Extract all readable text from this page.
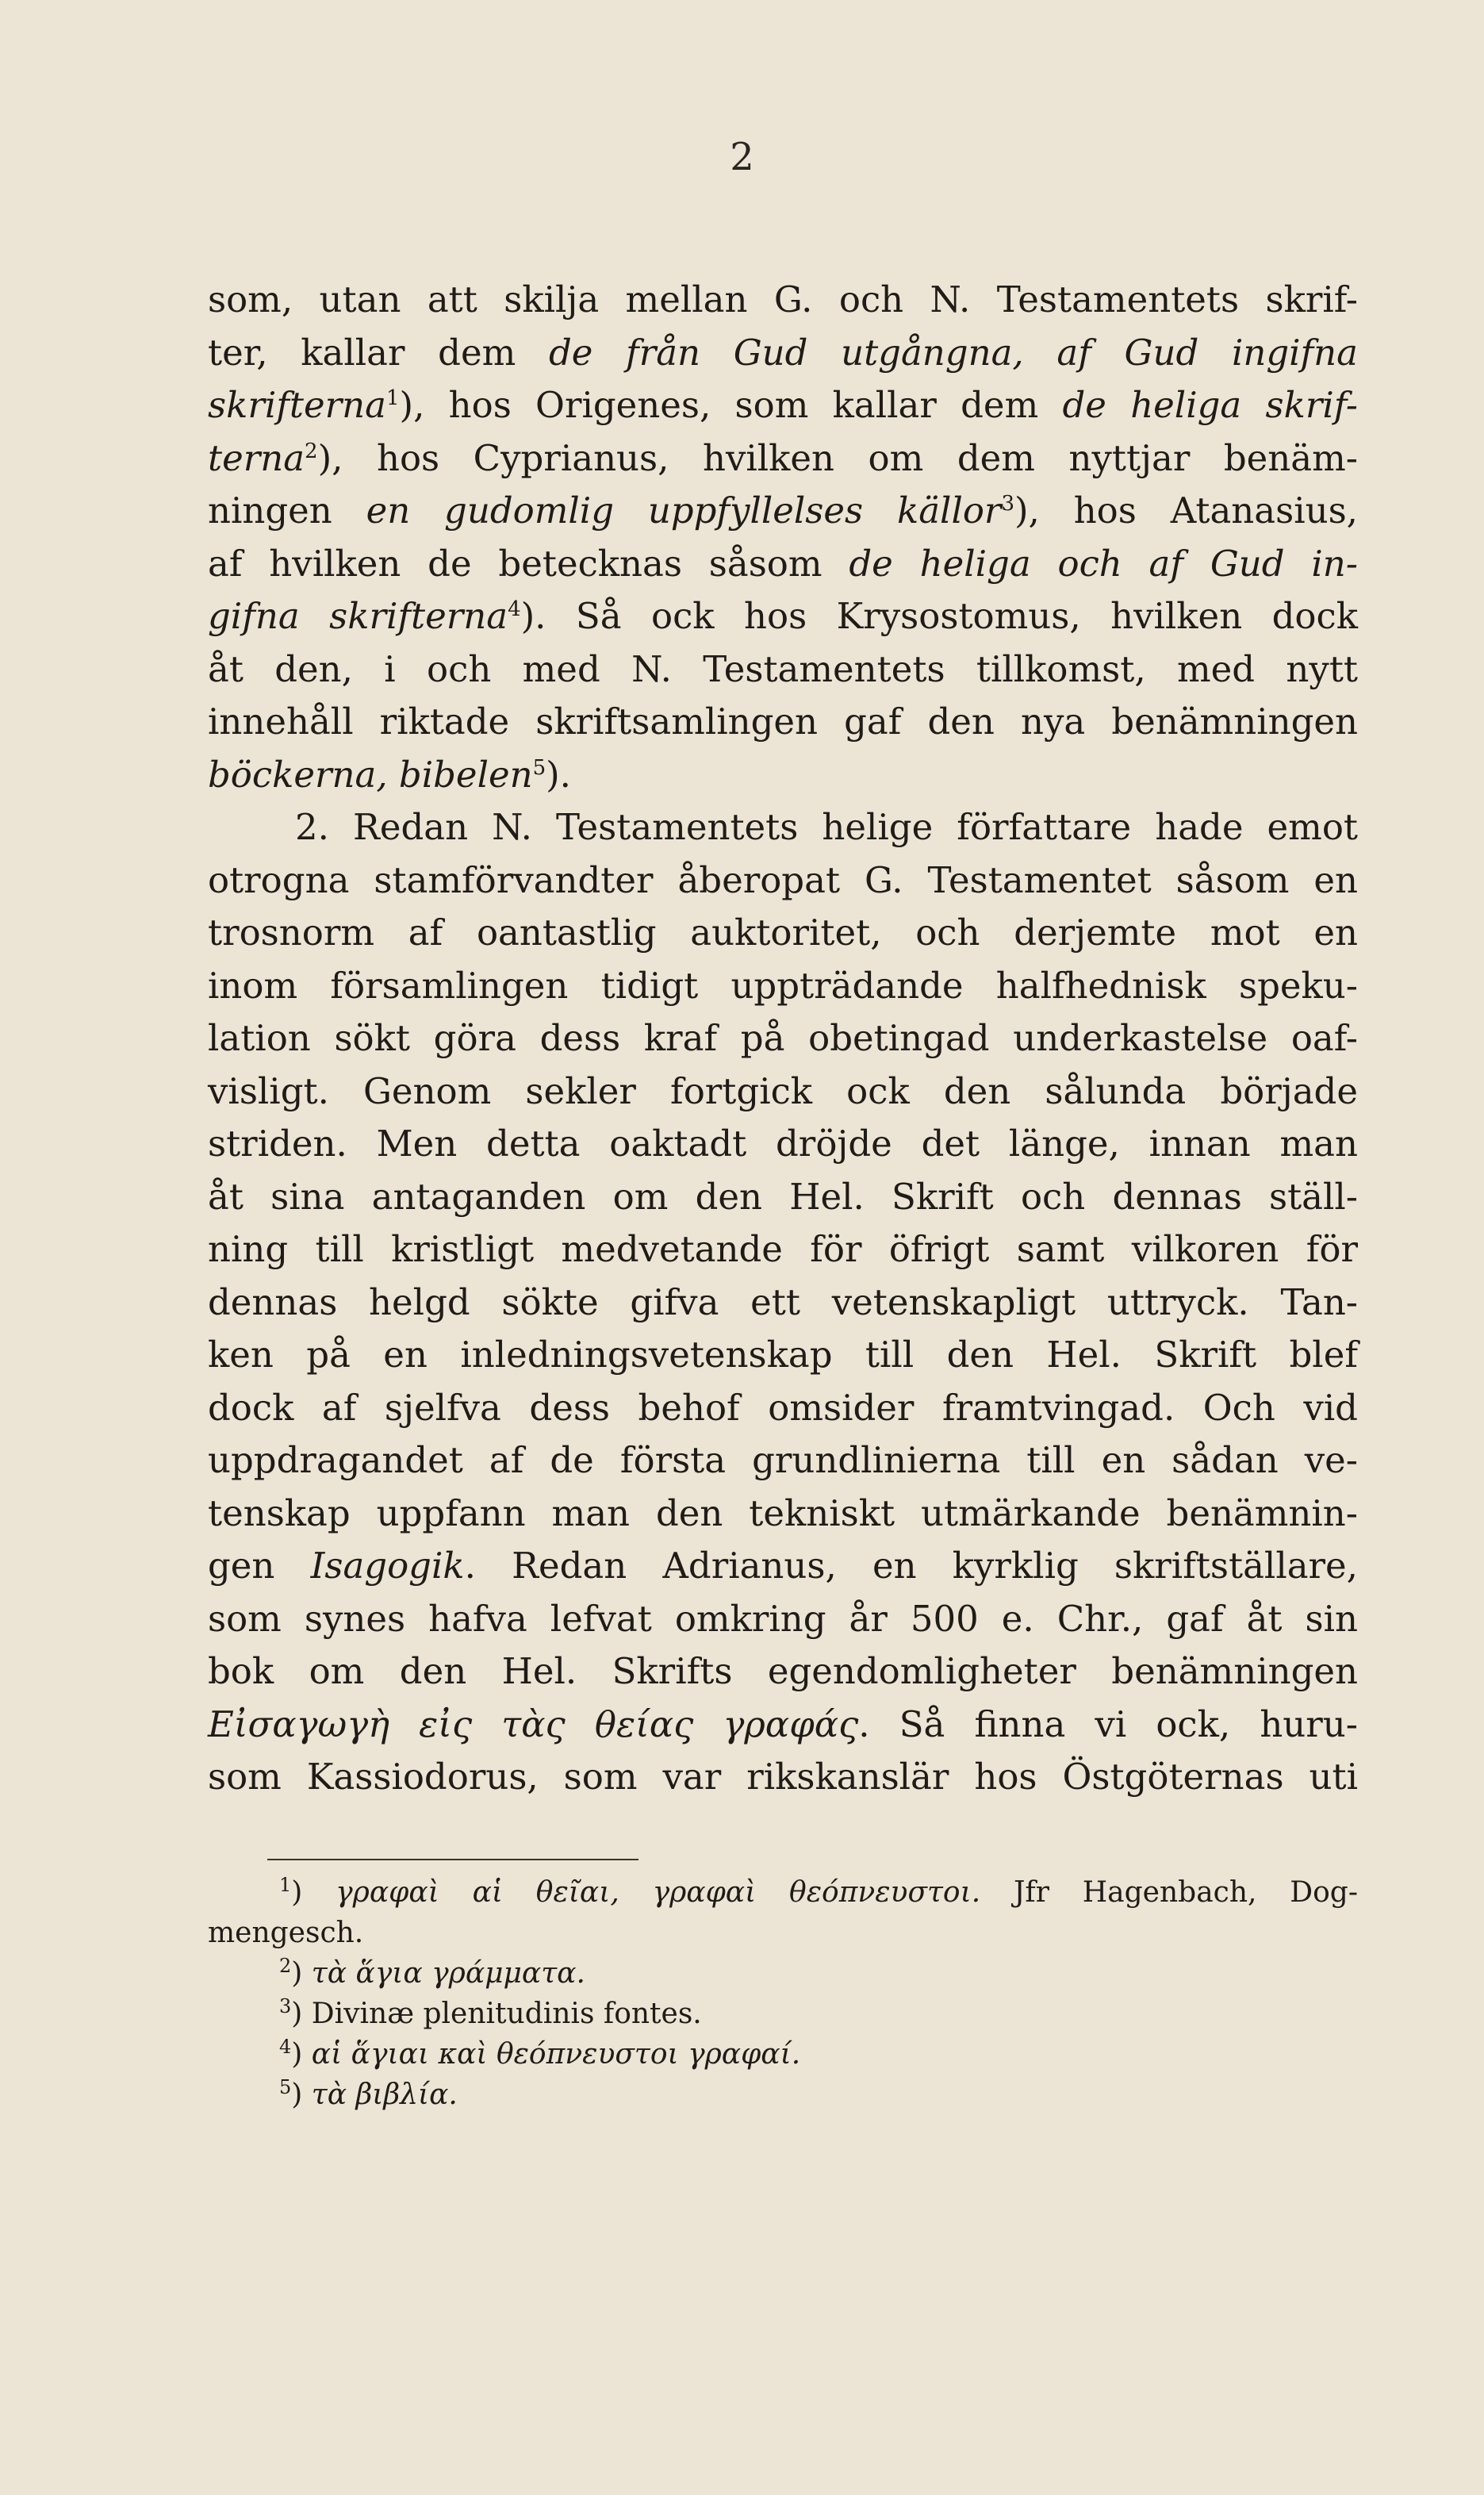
2
som, utan att skilja mellan G. och N. Testamentets skrif-
ter, kallar dem de från Gud utgångna, af Gud ingifna
skrifterna$^1$), hos Origenes, som kallar dem de heliga skrif-
terna$^2$), hos Cyprianus, hvilken om dem nyttjar benäm-
ningen en gudomlig uppfyllelses källor$^3$), hos Atanasius,
af hvilken de betecknas såsom de heliga och af Gud in-
gifna skrifterna$^4$). Så ock hos Krysostomus, hvilken dock
åt den, i och med N. Testamentets tillkomst, med nytt
innehåll riktade skriftsamlingen gaf den nya benämningen
böckerna, bibelen$^5$).
2. Redan N. Testamentets helige författare hade emot
otrogna stamförvandter åberopat G. Testamentet såsom en
trosnorm af oantastlig auktoritet, och derjemte mot en
inom församlingen tidigt uppträdande halfhednisk speku-
lation sökt göra dess kraf på obetingad underkastelse oaf-
visligt. Genom sekler fortgick ock den sålunda började
striden. Men detta oaktadt dröjde det länge, innan man
åt sina antaganden om den Hel. Skrift och dennas ställ-
ning till kristligt medvetande för öfrigt samt vilkoren för
dennas helgd sökte gifva ett vetenskapligt uttryck. Tan-
ken på en inledningsvetenskap till den Hel. Skrift blef
dock af sjelfva dess behof omsider framtvingad. Och vid
uppdragandet af de första grundlinierna till en sådan ve-
tenskap uppfann man den tekniskt utmärkande benämnin-
gen Isagogik. Redan Adrianus, en kyrklig skriftställare,
som synes hafva lefvat omkring år 500 e. Chr., gaf åt sin
bok om den Hel. Skrifts egendomligheter benämningen
Εἰσαγωγὴ εἰς τὰς θείας γραφάς. Så finna vi ock, huru-
som Kassiodorus, som var rikskanslär hos Östgöternas uti
$^1$) γραφαὶ αἱ θεῖαι, γραφαὶ θεόπνευστοι. Jfr Hagenbach, Dog-
mengesch.
$^2$) τὰ ἅγια γράμματα.
$^3$) Divinæ plenitudinis fontes.
$^4$) αἱ ἅγιαι καὶ θεόπνευστοι γραφαί.
$^5$) τὰ βιβλία.
